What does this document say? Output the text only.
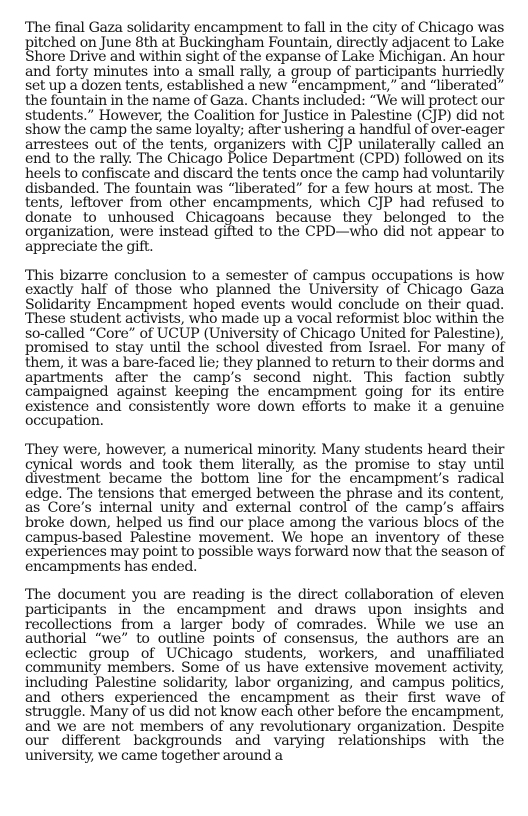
The final Gaza solidarity encampment to fall in the city of Chicago was pitched on June 8th at Buckingham Fountain, directly adjacent to Lake Shore Drive and within sight of the expanse of Lake Michigan. An hour and forty minutes into a small rally, a group of participants hurriedly set up a dozen tents, established a new “encampment,” and “liberated” the fountain in the name of Gaza. Chants included: “We will protect our students.” However, the Coalition for Justice in Palestine (CJP) did not show the camp the same loyalty; after ushering a handful of over-eager arrestees out of the tents, organizers with CJP unilaterally called an end to the rally. The Chicago Police Department (CPD) followed on its heels to confiscate and discard the tents once the camp had voluntarily disbanded. The fountain was “liberated” for a few hours at most. The tents, leftover from other encampments, which CJP had refused to donate to unhoused Chicagoans because they belonged to the organization, were instead gifted to the CPD—who did not appear to appreciate the gift.

This bizarre conclusion to a semester of campus occupations is how exactly half of those who planned the University of Chicago Gaza Solidarity Encampment hoped events would conclude on their quad. These student activists, who made up a vocal reformist bloc within the so-called “Core” of UCUP (University of Chicago United for Palestine), promised to stay until the school divested from Israel. For many of them, it was a bare-faced lie; they planned to return to their dorms and apartments after the camp’s second night. This faction subtly campaigned against keeping the encampment going for its entire existence and consistently wore down efforts to make it a genuine occupation.

They were, however, a numerical minority. Many students heard their cynical words and took them literally, as the promise to stay until divestment became the bottom line for the encampment’s radical edge. The tensions that emerged between the phrase and its content, as Core’s internal unity and external control of the camp’s affairs broke down, helped us find our place among the various blocs of the campus-based Palestine movement. We hope an inventory of these experiences may point to possible ways forward now that the season of encampments has ended.

The document you are reading is the direct collaboration of eleven participants in the encampment and draws upon insights and recollections from a larger body of comrades. While we use an authorial “we” to outline points of consensus, the authors are an eclectic group of UChicago students, workers, and unaffiliated community members. Some of us have extensive movement activity, including Palestine solidarity, labor organizing, and campus politics, and others experienced the encampment as their first wave of struggle. Many of us did not know each other before the encampment, and we are not members of any revolutionary organization. Despite our different backgrounds and varying relationships with the university, we came together around a
